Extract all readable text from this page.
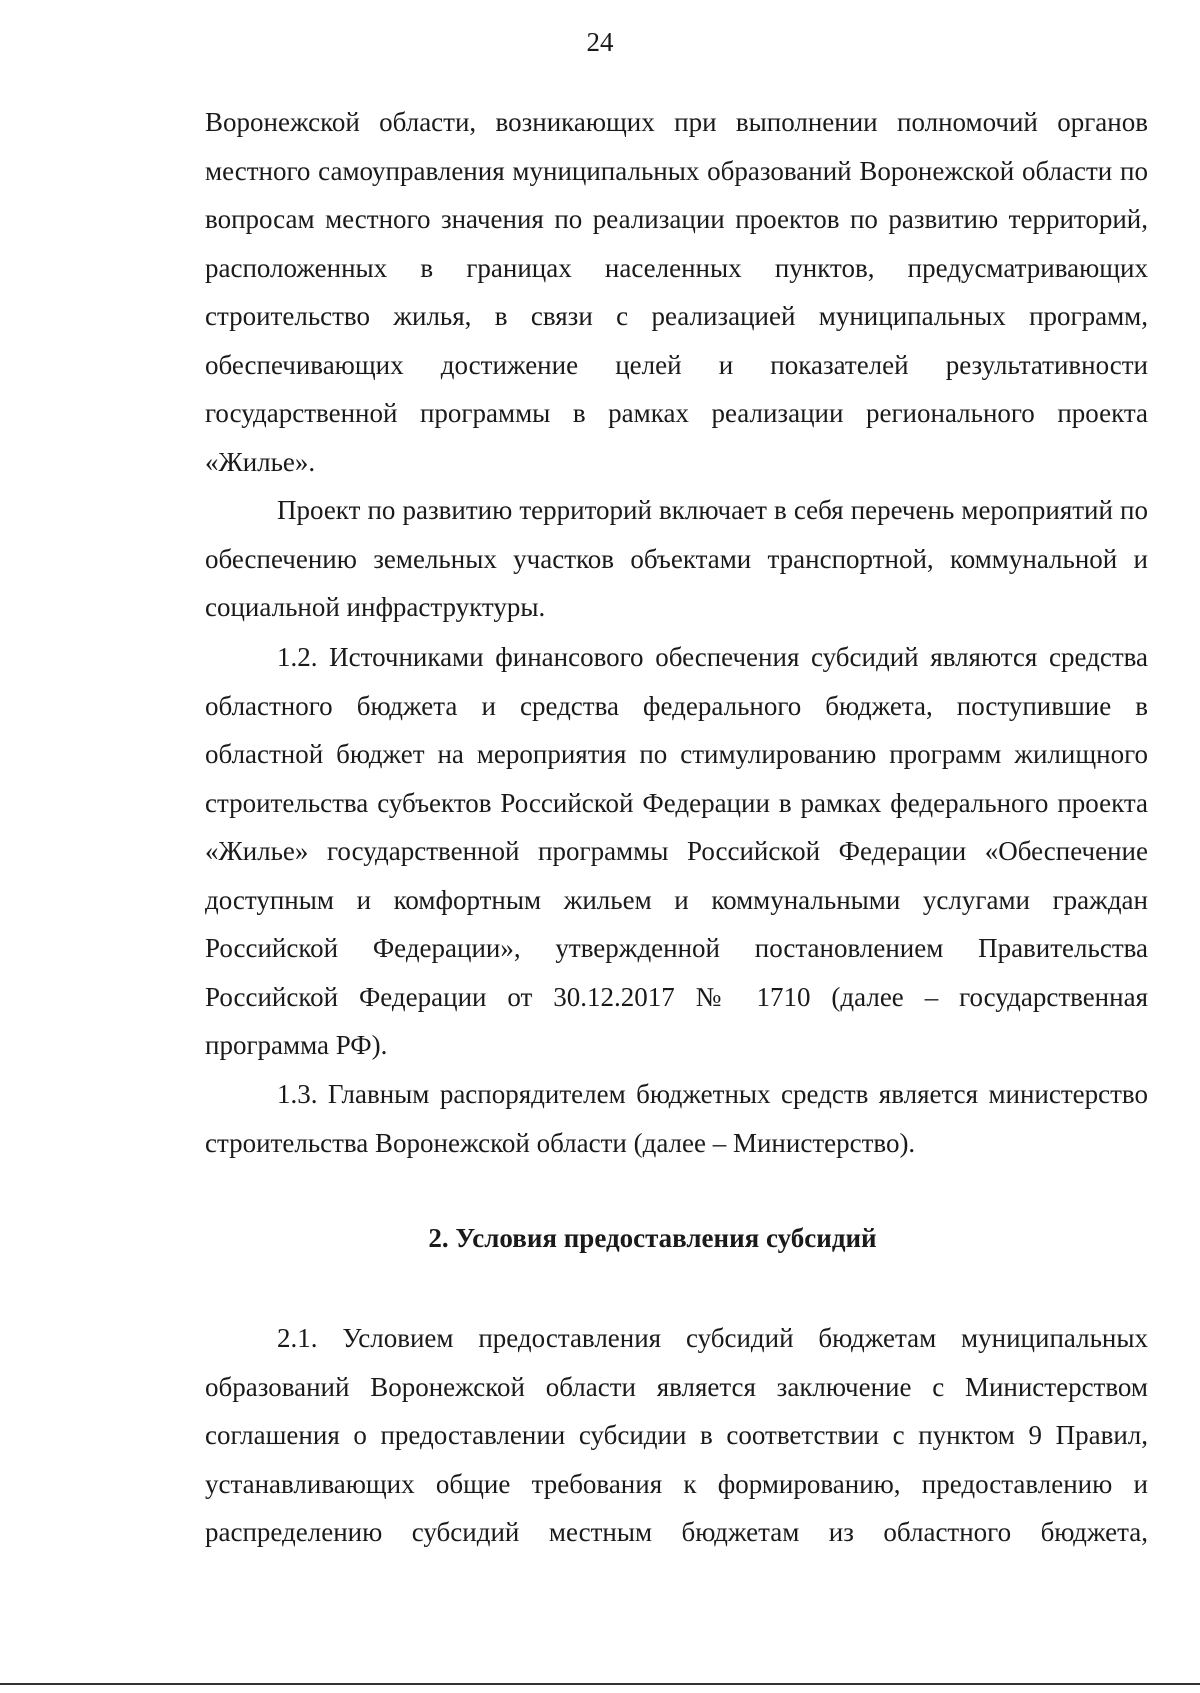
24

Воронежской области, возникающих при выполнении полномочий органов местного самоуправления муниципальных образований Воронежской области по вопросам местного значения по реализации проектов по развитию территорий, расположенных в границах населенных пунктов, предусматривающих строительство жилья, в связи с реализацией муниципальных программ, обеспечивающих достижение целей и показателей результативности государственной программы в рамках реализации регионального проекта «Жилье».

Проект по развитию территорий включает в себя перечень мероприятий по обеспечению земельных участков объектами транспортной, коммунальной и социальной инфраструктуры.

1.2. Источниками финансового обеспечения субсидий являются средства областного бюджета и средства федерального бюджета, поступившие в областной бюджет на мероприятия по стимулированию программ жилищного строительства субъектов Российской Федерации в рамках федерального проекта «Жилье» государственной программы Российской Федерации «Обеспечение доступным и комфортным жильем и коммунальными услугами граждан Российской Федерации», утвержденной постановлением Правительства Российской Федерации от 30.12.2017 № 1710 (далее – государственная программа РФ).

1.3. Главным распорядителем бюджетных средств является министерство строительства Воронежской области (далее – Министерство).

2. Условия предоставления субсидий

2.1. Условием предоставления субсидий бюджетам муниципальных образований Воронежской области является заключение с Министерством соглашения о предоставлении субсидии в соответствии с пунктом 9 Правил, устанавливающих общие требования к формированию, предоставлению и распределению субсидий местным бюджетам из областного бюджета,
